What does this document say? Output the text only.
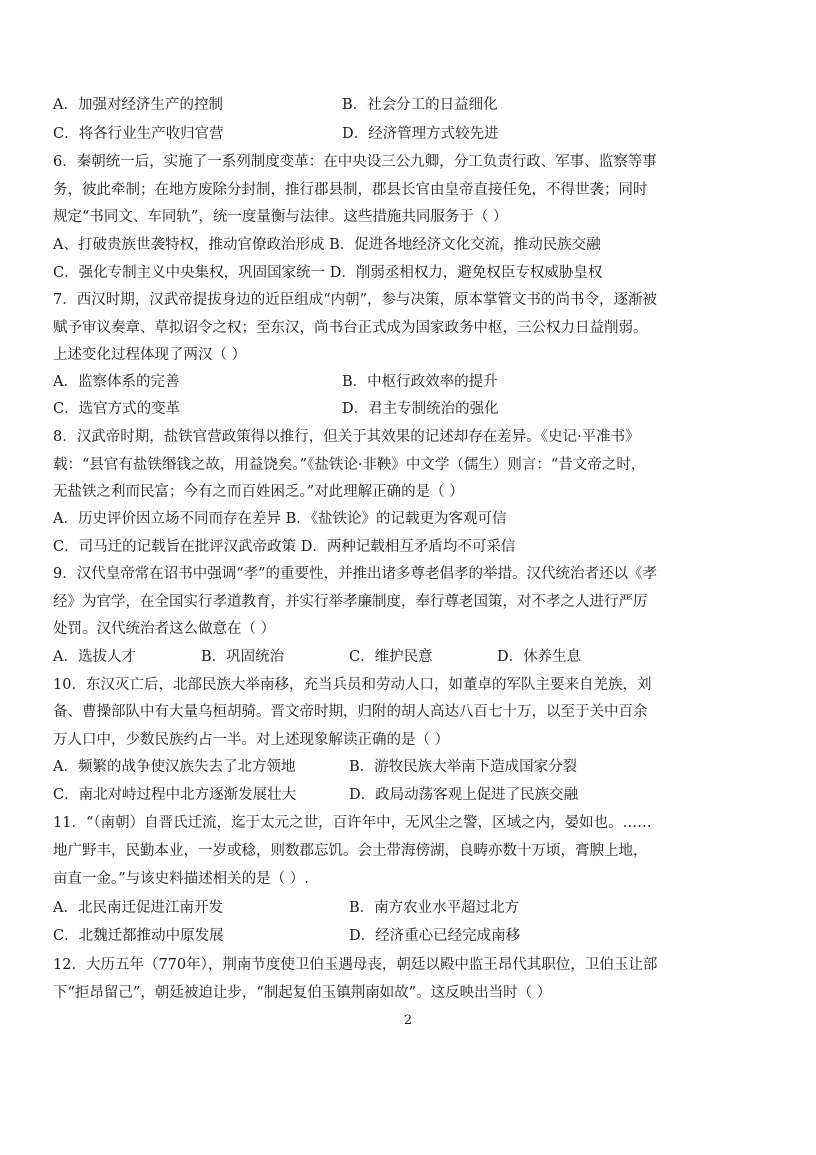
A．加强对经济生产的控制	B．社会分工的日益细化
C．将各行业生产收归官营	D．经济管理方式较先进
6．秦朝统一后，实施了一系列制度变革：在中央设三公九卿，分工负责行政、军事、监察等事
务，彼此牵制；在地方废除分封制，推行郡县制，郡县长官由皇帝直接任免，不得世袭；同时
规定“书同文、车同轨”，统一度量衡与法律。这些措施共同服务于（ ）
A、打破贵族世袭特权，推动官僚政治形成 B．促进各地经济文化交流，推动民族交融
C．强化专制主义中央集权，巩固国家统一 D．削弱丞相权力，避免权臣专权威胁皇权
7．西汉时期，汉武帝提拔身边的近臣组成“内朝”，参与决策，原本掌管文书的尚书令，逐渐被
赋予审议奏章、草拟诏令之权；至东汉，尚书台正式成为国家政务中枢，三公权力日益削弱。
上述变化过程体现了两汉（ ）
A．监察体系的完善	B．中枢行政效率的提升
C．选官方式的变革	D．君主专制统治的强化
8．汉武帝时期，盐铁官营政策得以推行，但关于其效果的记述却存在差异。《史记·平准书》
载：“县官有盐铁缗钱之故，用益饶矣。”《盐铁论·非鞅》中文学（儒生）则言：“昔文帝之时，
无盐铁之利而民富；今有之而百姓困乏。”对此理解正确的是（ ）
A．历史评价因立场不同而存在差异 B．《盐铁论》的记载更为客观可信
C．司马迁的记载旨在批评汉武帝政策 D．两种记载相互矛盾均不可采信
9．汉代皇帝常在诏书中强调“孝”的重要性，并推出诸多尊老倡孝的举措。汉代统治者还以《孝
经》为官学，在全国实行孝道教育，并实行举孝廉制度，奉行尊老国策，对不孝之人进行严厉
处罚。汉代统治者这么做意在（ ）
A．选拔人才	B．巩固统治	C．维护民意	D．休养生息
10．东汉灭亡后，北部民族大举南移，充当兵员和劳动人口，如董卓的军队主要来自羌族，刘
备、曹操部队中有大量乌桓胡骑。晋文帝时期，归附的胡人高达八百七十万，以至于关中百余
万人口中，少数民族约占一半。对上述现象解读正确的是（ ）
A．频繁的战争使汉族失去了北方领地	B．游牧民族大举南下造成国家分裂
C．南北对峙过程中北方逐渐发展壮大	D．政局动荡客观上促进了民族交融
11．“（南朝）自晋氏迁流，迄于太元之世，百许年中，无风尘之警，区域之内，晏如也。……
地广野丰，民勤本业，一岁或稔，则数郡忘饥。会土带海傍湖，良畴亦数十万顷，膏腴上地，
亩直一金。”与该史料描述相关的是（ ）.
A．北民南迁促进江南开发	B．南方农业水平超过北方
C．北魏迁都推动中原发展	D．经济重心已经完成南移
12．大历五年（770年），荆南节度使卫伯玉遇母丧，朝廷以殿中监王昂代其职位，卫伯玉让部
下“拒昂留己”，朝廷被迫让步，“制起复伯玉镇荆南如故”。这反映出当时（ ）
2
